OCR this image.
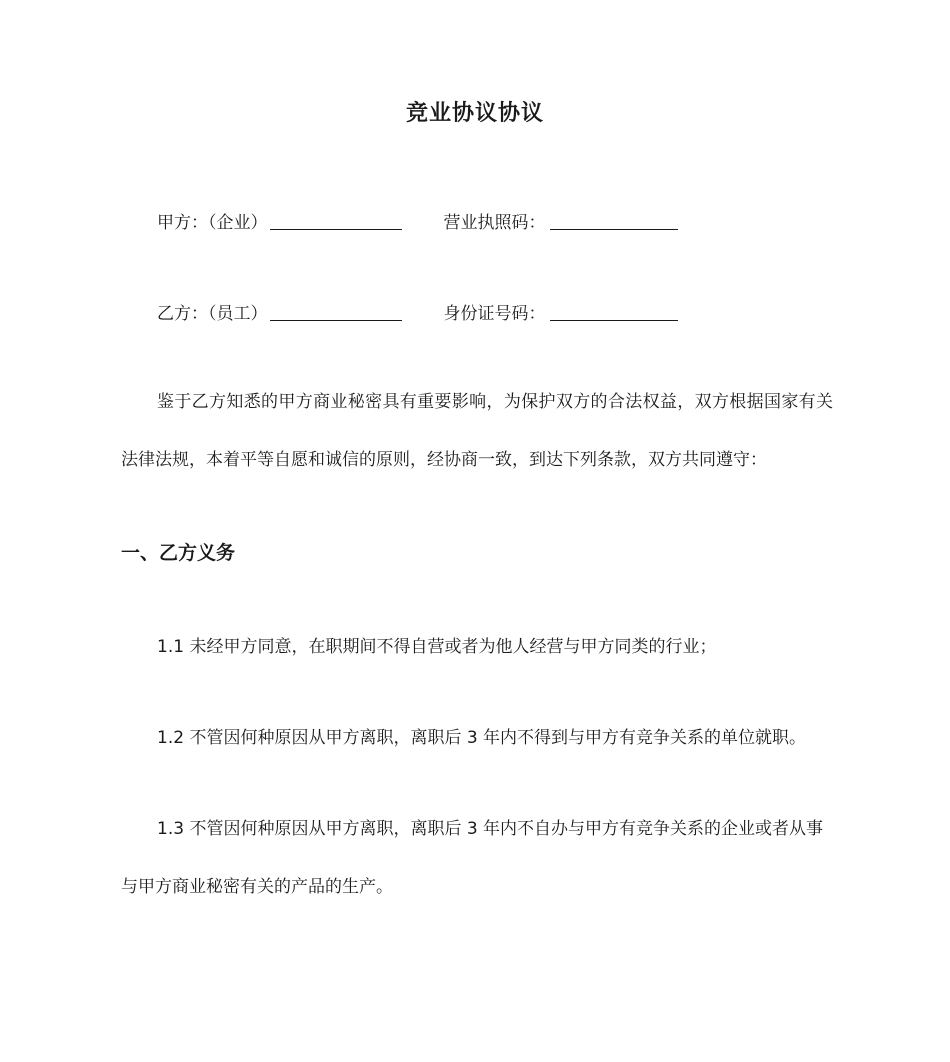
竞业协议协议
甲方：（企业）	营业执照码：
乙方：（员工）	身份证号码：
鉴于乙方知悉的甲方商业秘密具有重要影响，为保护双方的合法权益，双方根据国家有关法律法规，本着平等自愿和诚信的原则，经协商一致，到达下列条款，双方共同遵守：
一、乙方义务
1.1 未经甲方同意，在职期间不得自营或者为他人经营与甲方同类的行业；
1.2 不管因何种原因从甲方离职，离职后 3 年内不得到与甲方有竞争关系的单位就职。
1.3 不管因何种原因从甲方离职，离职后 3 年内不自办与甲方有竞争关系的企业或者从事与甲方商业秘密有关的产品的生产。
